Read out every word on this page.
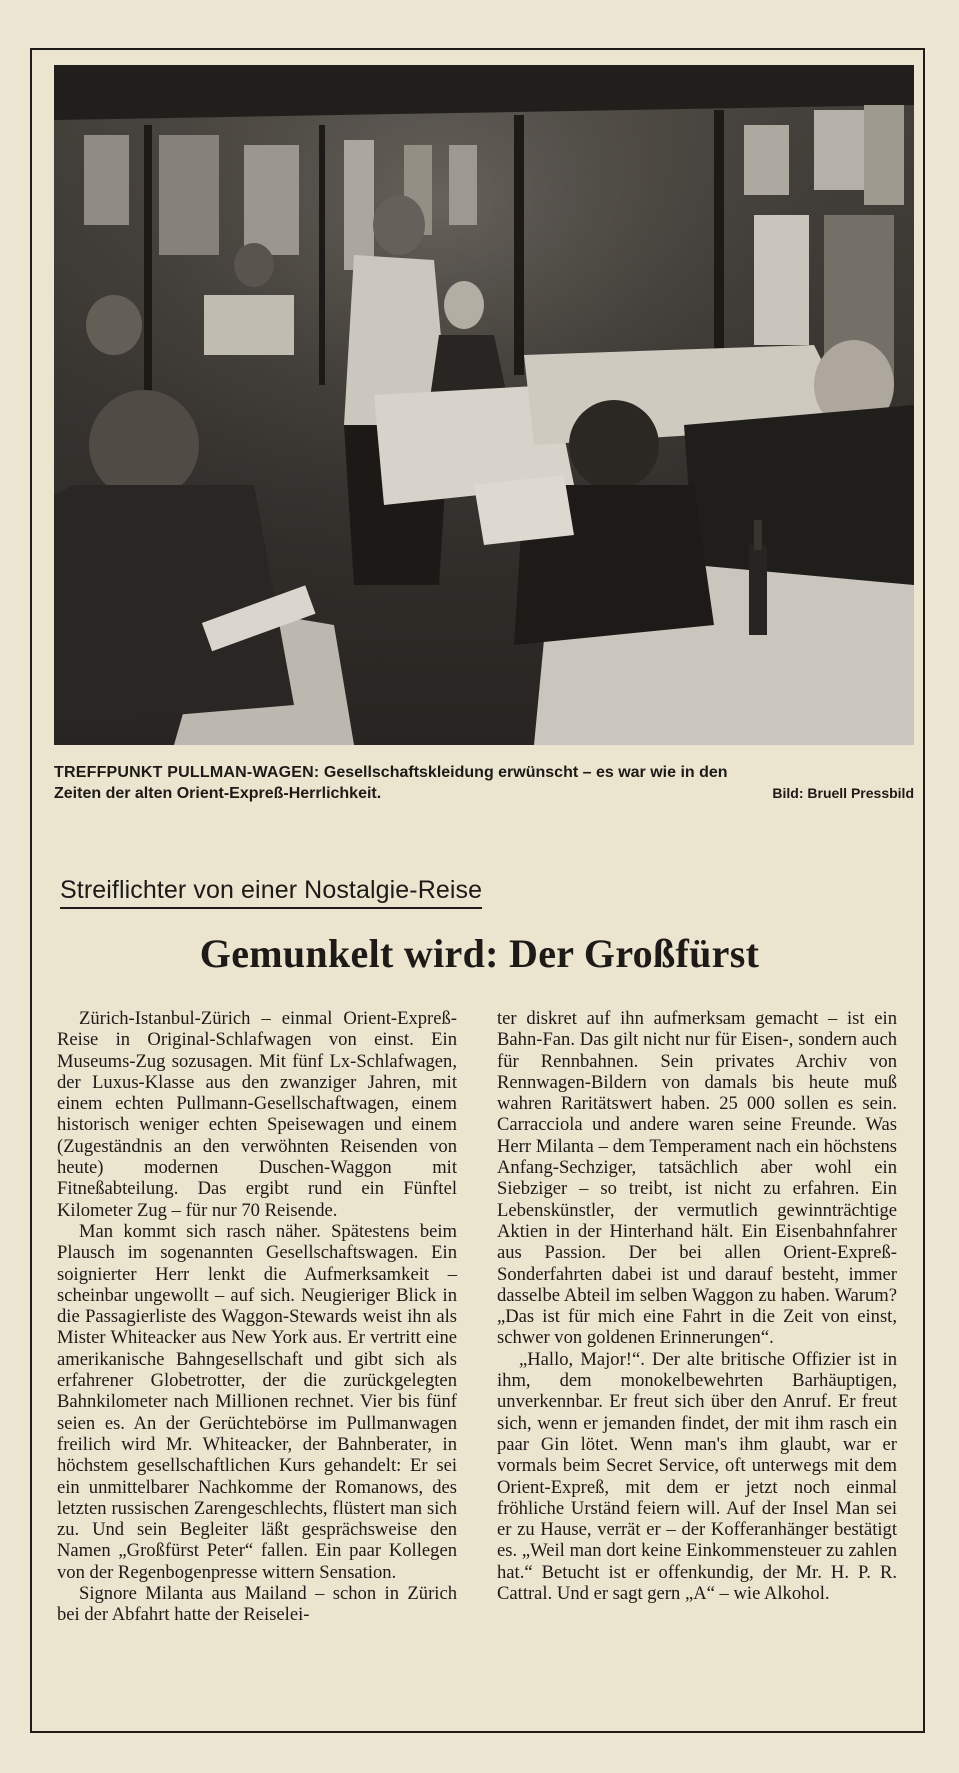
TREFFPUNKT PULLMAN-WAGEN: Gesellschaftskleidung erwünscht – es war wie in den
Zeiten der alten Orient-Expreß-Herrlichkeit.	Bild: Bruell Pressbild
Streiflichter von einer Nostalgie-Reise
Gemunkelt wird: Der Großfürst

Zürich-Istanbul-Zürich – einmal Orient-Expreß-Reise in Original-Schlafwagen von einst. Ein Museums-Zug sozusagen. Mit fünf Lx-Schlafwagen, der Luxus-Klasse aus den zwanziger Jahren, mit einem echten Pullmann-Gesellschaftwagen, einem historisch weniger echten Speisewagen und einem (Zugeständnis an den verwöhnten Reisenden von heute) modernen Duschen-Waggon mit Fitneßabteilung. Das ergibt rund ein Fünftel Kilometer Zug – für nur 70 Reisende.

Man kommt sich rasch näher. Spätestens beim Plausch im sogenannten Gesellschaftswagen. Ein soignierter Herr lenkt die Aufmerksamkeit – scheinbar ungewollt – auf sich. Neugieriger Blick in die Passagierliste des Waggon-Stewards weist ihn als Mister Whiteacker aus New York aus. Er vertritt eine amerikanische Bahngesellschaft und gibt sich als erfahrener Globetrotter, der die zurückgelegten Bahnkilometer nach Millionen rechnet. Vier bis fünf seien es. An der Gerüchtebörse im Pullmanwagen freilich wird Mr. Whiteacker, der Bahnberater, in höchstem gesellschaftlichen Kurs gehandelt: Er sei ein unmittelbarer Nachkomme der Romanows, des letzten russischen Zarengeschlechts, flüstert man sich zu. Und sein Begleiter läßt gesprächsweise den Namen „Großfürst Peter“ fallen. Ein paar Kollegen von der Regenbogenpresse wittern Sensation.

Signore Milanta aus Mailand – schon in Zürich bei der Abfahrt hatte der Reiselei-

ter diskret auf ihn aufmerksam gemacht – ist ein Bahn-Fan. Das gilt nicht nur für Eisen-, sondern auch für Rennbahnen. Sein privates Archiv von Rennwagen-Bildern von damals bis heute muß wahren Raritätswert haben. 25 000 sollen es sein. Carracciola und andere waren seine Freunde. Was Herr Milanta – dem Temperament nach ein höchstens Anfang-Sechziger, tatsächlich aber wohl ein Siebziger – so treibt, ist nicht zu erfahren. Ein Lebenskünstler, der vermutlich gewinnträchtige Aktien in der Hinterhand hält. Ein Eisenbahnfahrer aus Passion. Der bei allen Orient-Expreß-Sonderfahrten dabei ist und darauf besteht, immer dasselbe Abteil im selben Waggon zu haben. Warum? „Das ist für mich eine Fahrt in die Zeit von einst, schwer von goldenen Erinnerungen“.

„Hallo, Major!“. Der alte britische Offizier ist in ihm, dem monokelbewehrten Barhäuptigen, unverkennbar. Er freut sich über den Anruf. Er freut sich, wenn er jemanden findet, der mit ihm rasch ein paar Gin lötet. Wenn man's ihm glaubt, war er vormals beim Secret Service, oft unterwegs mit dem Orient-Expreß, mit dem er jetzt noch einmal fröhliche Urständ feiern will. Auf der Insel Man sei er zu Hause, verrät er – der Kofferanhänger bestätigt es. „Weil man dort keine Einkommensteuer zu zahlen hat.“ Betucht ist er offenkundig, der Mr. H. P. R. Cattral. Und er sagt gern „A“ – wie Alkohol.
